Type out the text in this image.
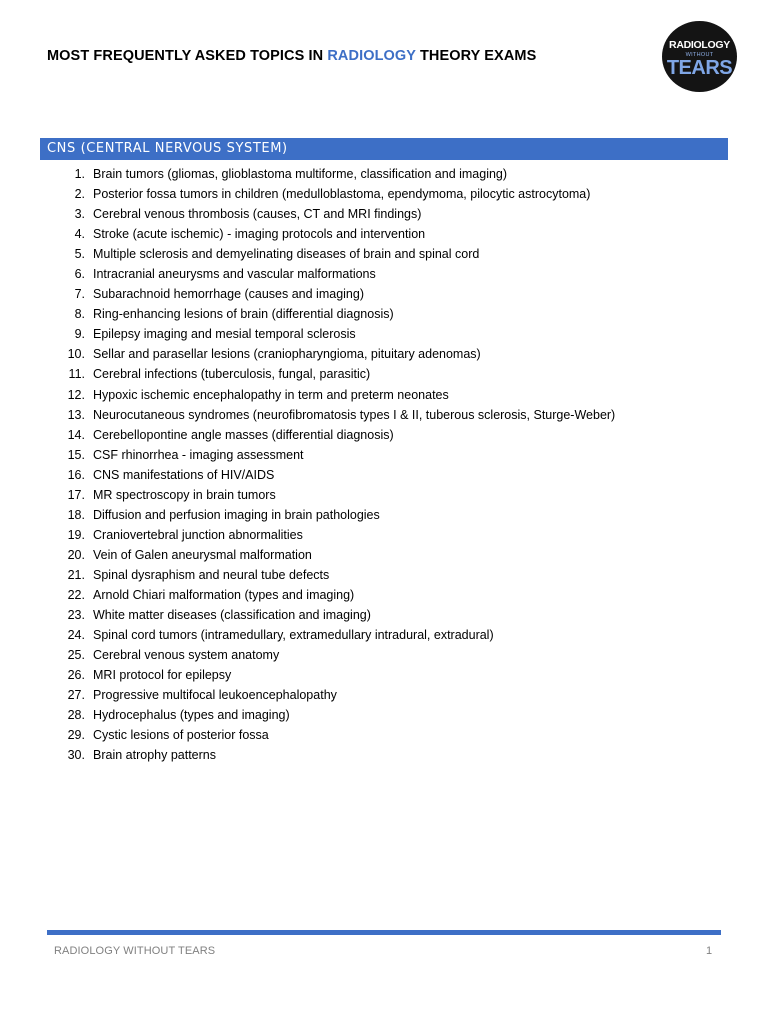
MOST FREQUENTLY ASKED TOPICS IN RADIOLOGY THEORY EXAMS
RADIOLOGY
WITHOUT
TEARS
CNS (CENTRAL NERVOUS SYSTEM)
1. Brain tumors (gliomas, glioblastoma multiforme, classification and imaging)
2. Posterior fossa tumors in children (medulloblastoma, ependymoma, pilocytic astrocytoma)
3. Cerebral venous thrombosis (causes, CT and MRI findings)
4. Stroke (acute ischemic) - imaging protocols and intervention
5. Multiple sclerosis and demyelinating diseases of brain and spinal cord
6. Intracranial aneurysms and vascular malformations
7. Subarachnoid hemorrhage (causes and imaging)
8. Ring-enhancing lesions of brain (differential diagnosis)
9. Epilepsy imaging and mesial temporal sclerosis
10. Sellar and parasellar lesions (craniopharyngioma, pituitary adenomas)
11. Cerebral infections (tuberculosis, fungal, parasitic)
12. Hypoxic ischemic encephalopathy in term and preterm neonates
13. Neurocutaneous syndromes (neurofibromatosis types I & II, tuberous sclerosis, Sturge-Weber)
14. Cerebellopontine angle masses (differential diagnosis)
15. CSF rhinorrhea - imaging assessment
16. CNS manifestations of HIV/AIDS
17. MR spectroscopy in brain tumors
18. Diffusion and perfusion imaging in brain pathologies
19. Craniovertebral junction abnormalities
20. Vein of Galen aneurysmal malformation
21. Spinal dysraphism and neural tube defects
22. Arnold Chiari malformation (types and imaging)
23. White matter diseases (classification and imaging)
24. Spinal cord tumors (intramedullary, extramedullary intradural, extradural)
25. Cerebral venous system anatomy
26. MRI protocol for epilepsy
27. Progressive multifocal leukoencephalopathy
28. Hydrocephalus (types and imaging)
29. Cystic lesions of posterior fossa
30. Brain atrophy patterns
RADIOLOGY WITHOUT TEARS	1
